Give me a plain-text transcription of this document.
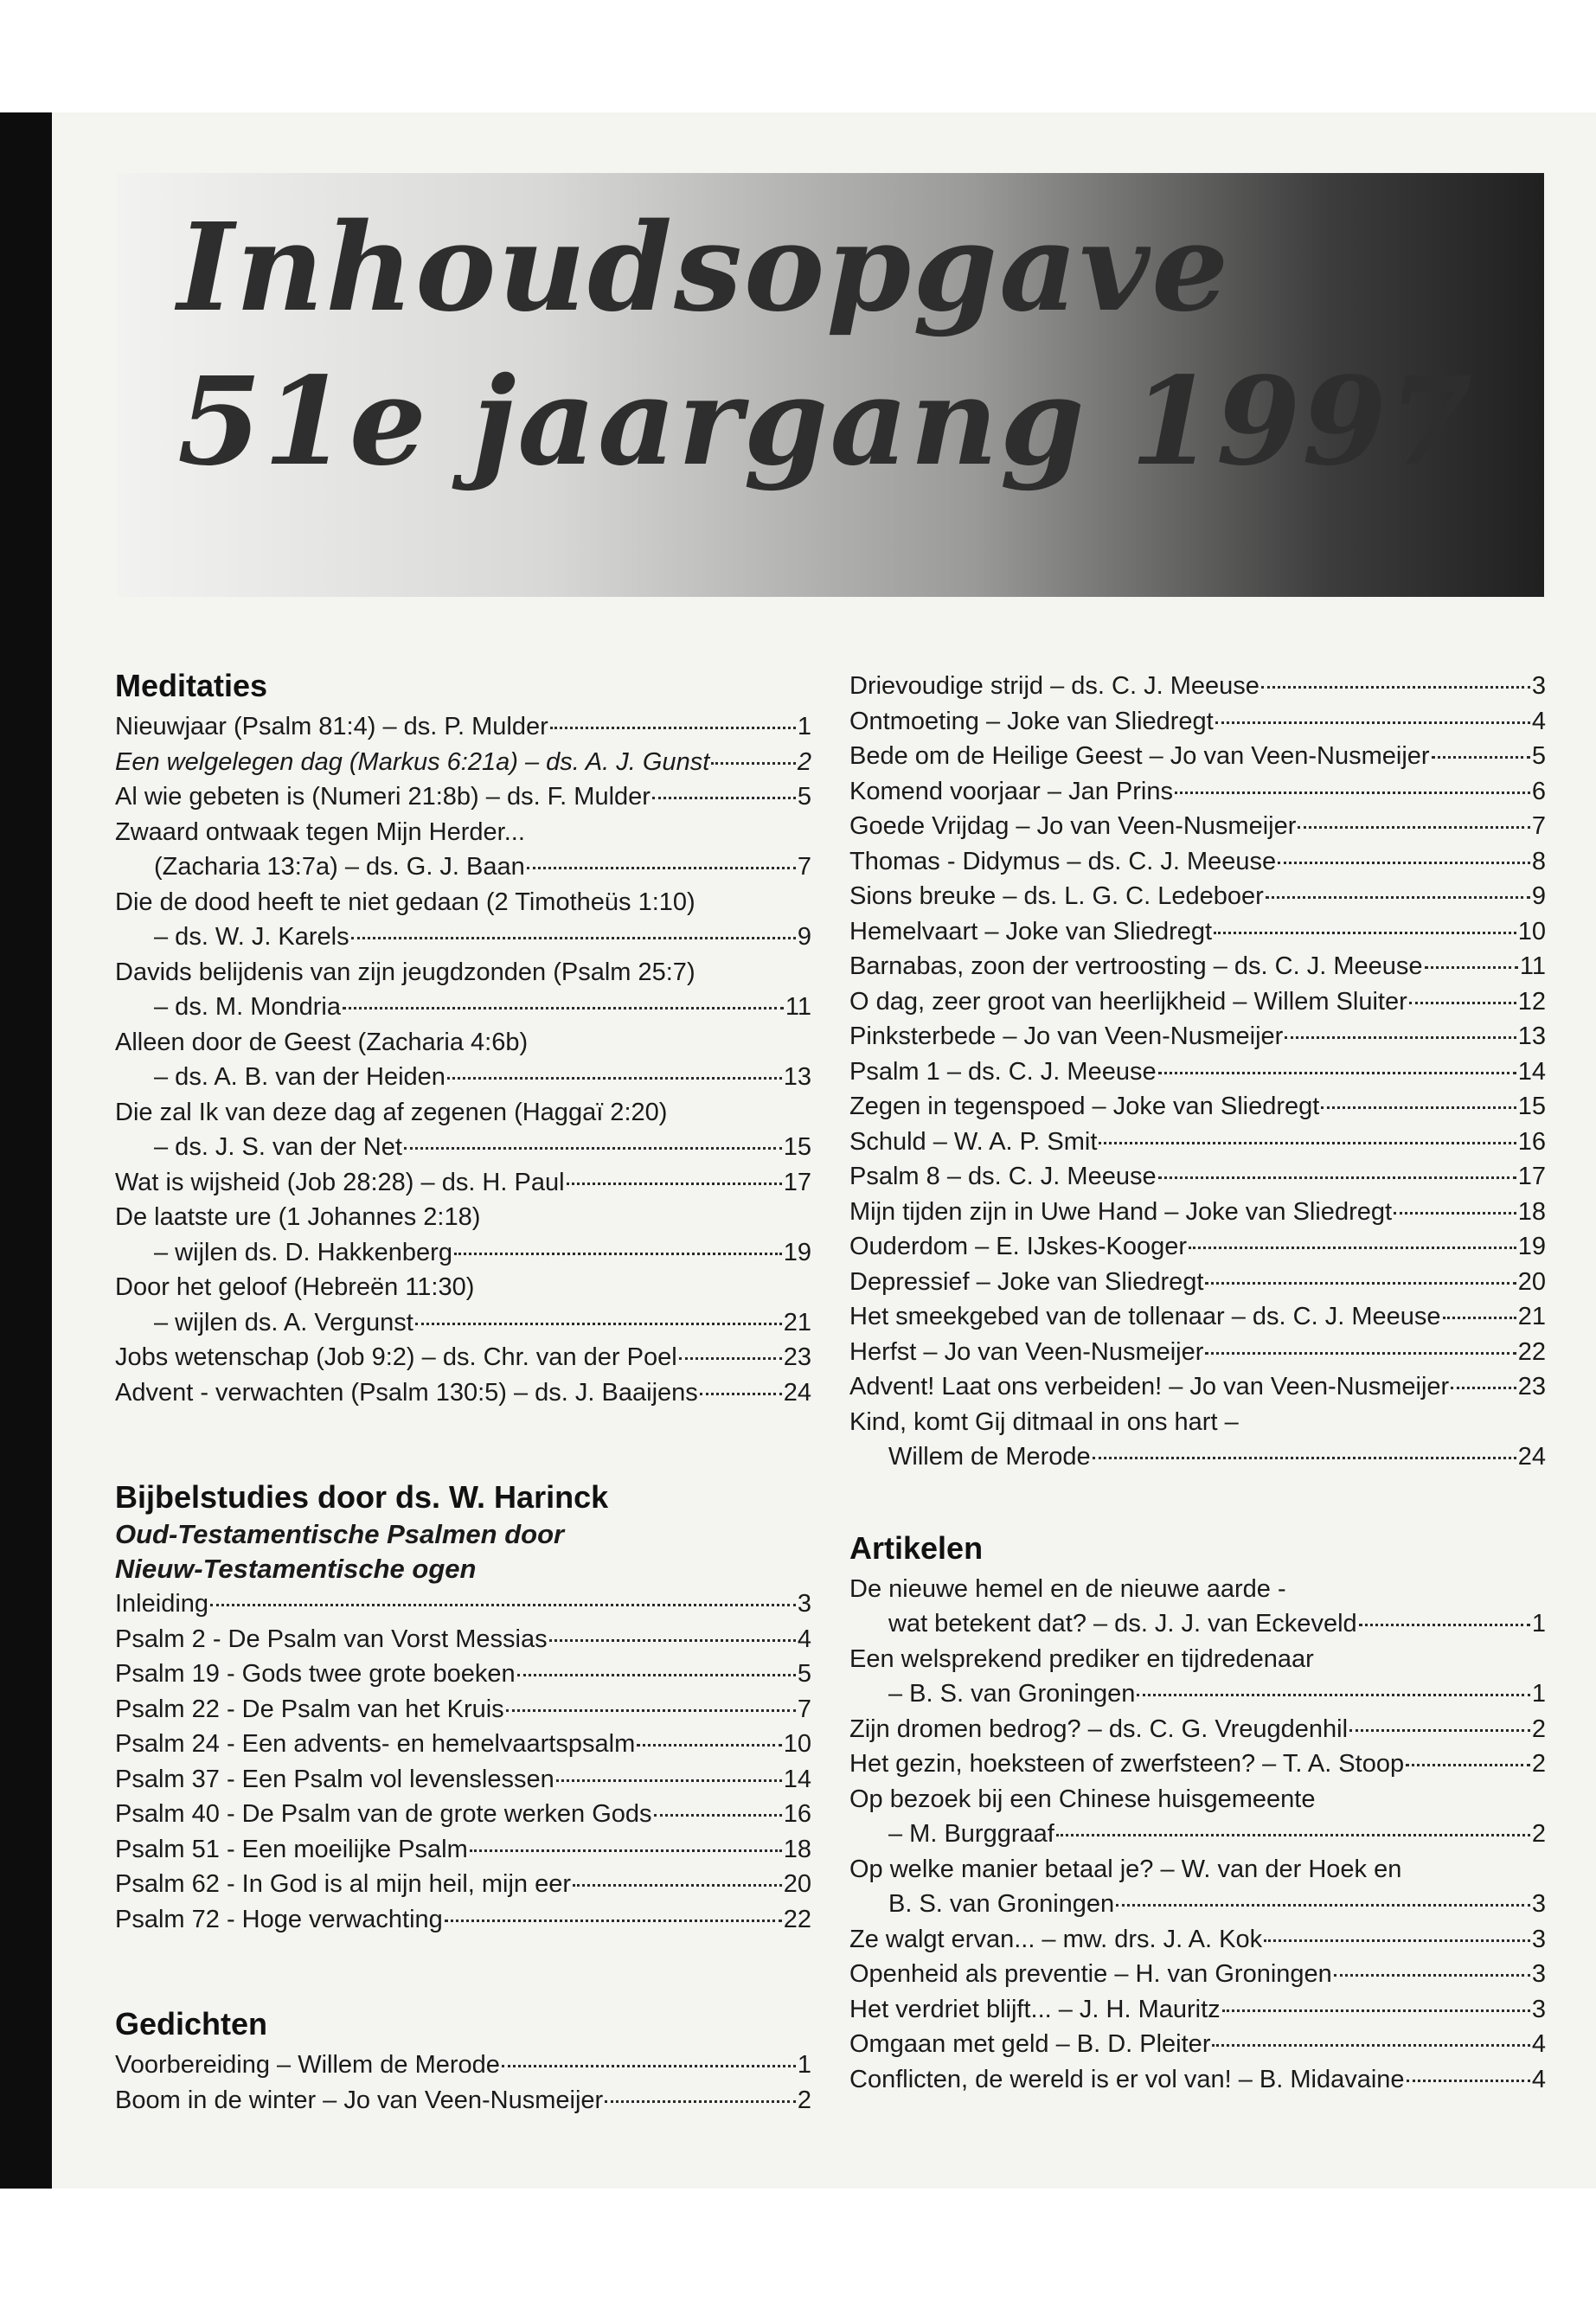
Inhoudsopgave
51e jaargang 1997
Meditaties
Nieuwjaar (Psalm 81:4) – ds. P. Mulder	1
Een welgelegen dag (Markus 6:21a) – ds. A. J. Gunst	2
Al wie gebeten is (Numeri 21:8b) – ds. F. Mulder	5
Zwaard ontwaak tegen Mijn Herder...
(Zacharia 13:7a) – ds. G. J. Baan	7
Die de dood heeft te niet gedaan (2 Timotheüs 1:10)
– ds. W. J. Karels	9
Davids belijdenis van zijn jeugdzonden (Psalm 25:7)
– ds. M. Mondria	11
Alleen door de Geest (Zacharia 4:6b)
– ds. A. B. van der Heiden	13
Die zal Ik van deze dag af zegenen (Haggaï 2:20)
– ds. J. S. van der Net	15
Wat is wijsheid (Job 28:28) – ds. H. Paul	17
De laatste ure (1 Johannes 2:18)
– wijlen ds. D. Hakkenberg	19
Door het geloof (Hebreën 11:30)
– wijlen ds. A. Vergunst	21
Jobs wetenschap (Job 9:2) – ds. Chr. van der Poel	23
Advent - verwachten (Psalm 130:5) – ds. J. Baaijens	24
Bijbelstudies door ds. W. Harinck
Oud-Testamentische Psalmen door
Nieuw-Testamentische ogen
Inleiding	3
Psalm 2 - De Psalm van Vorst Messias	4
Psalm 19 - Gods twee grote boeken	5
Psalm 22 - De Psalm van het Kruis	7
Psalm 24 - Een advents- en hemelvaartspsalm	10
Psalm 37 - Een Psalm vol levenslessen	14
Psalm 40 - De Psalm van de grote werken Gods	16
Psalm 51 - Een moeilijke Psalm	18
Psalm 62 - In God is al mijn heil, mijn eer	20
Psalm 72 - Hoge verwachting	22
Gedichten
Voorbereiding – Willem de Merode	1
Boom in de winter – Jo van Veen-Nusmeijer	2
Drievoudige strijd – ds. C. J. Meeuse	3
Ontmoeting – Joke van Sliedregt	4
Bede om de Heilige Geest – Jo van Veen-Nusmeijer	5
Komend voorjaar – Jan Prins	6
Goede Vrijdag – Jo van Veen-Nusmeijer	7
Thomas - Didymus – ds. C. J. Meeuse	8
Sions breuke – ds. L. G. C. Ledeboer	9
Hemelvaart – Joke van Sliedregt	10
Barnabas, zoon der vertroosting – ds. C. J. Meeuse	11
O dag, zeer groot van heerlijkheid – Willem Sluiter	12
Pinksterbede – Jo van Veen-Nusmeijer	13
Psalm 1 – ds. C. J. Meeuse	14
Zegen in tegenspoed – Joke van Sliedregt	15
Schuld – W. A. P. Smit	16
Psalm 8 – ds. C. J. Meeuse	17
Mijn tijden zijn in Uwe Hand – Joke van Sliedregt	18
Ouderdom – E. IJskes-Kooger	19
Depressief – Joke van Sliedregt	20
Het smeekgebed van de tollenaar – ds. C. J. Meeuse	21
Herfst – Jo van Veen-Nusmeijer	22
Advent! Laat ons verbeiden! – Jo van Veen-Nusmeijer	23
Kind, komt Gij ditmaal in ons hart –
Willem de Merode	24
Artikelen
De nieuwe hemel en de nieuwe aarde -
wat betekent dat? – ds. J. J. van Eckeveld	1
Een welsprekend prediker en tijdredenaar
– B. S. van Groningen	1
Zijn dromen bedrog? – ds. C. G. Vreugdenhil	2
Het gezin, hoeksteen of zwerfsteen? – T. A. Stoop	2
Op bezoek bij een Chinese huisgemeente
– M. Burggraaf	2
Op welke manier betaal je? – W. van der Hoek en
B. S. van Groningen	3
Ze walgt ervan... – mw. drs. J. A. Kok	3
Openheid als preventie – H. van Groningen	3
Het verdriet blijft... – J. H. Mauritz	3
Omgaan met geld – B. D. Pleiter	4
Conflicten, de wereld is er vol van! – B. Midavaine	4
